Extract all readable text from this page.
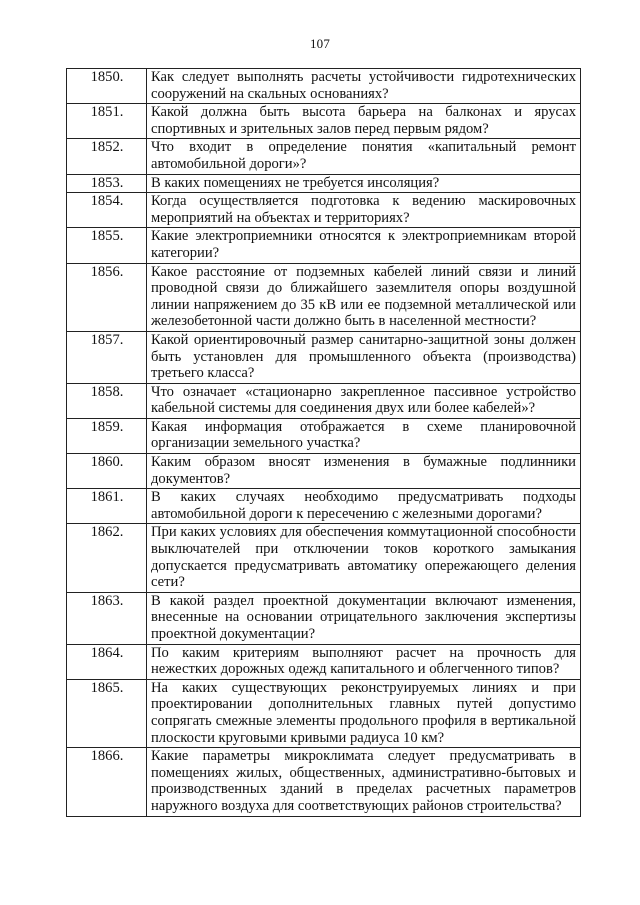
107
1850.	Как следует выполнять расчеты устойчивости гидротехнических сооружений на скальных основаниях?
1851.	Какой должна быть высота барьера на балконах и ярусах спортивных и зрительных залов перед первым рядом?
1852.	Что входит в определение понятия «капитальный ремонт автомобильной дороги»?
1853.	В каких помещениях не требуется инсоляция?
1854.	Когда осуществляется подготовка к ведению маскировочных мероприятий на объектах и территориях?
1855.	Какие электроприемники относятся к электроприемникам второй категории?
1856.	Какое расстояние от подземных кабелей линий связи и линий проводной связи до ближайшего заземлителя опоры воздушной линии напряжением до 35 кВ или ее подземной металлической или железобетонной части должно быть в населенной местности?
1857.	Какой ориентировочный размер санитарно-защитной зоны должен быть установлен для промышленного объекта (производства) третьего класса?
1858.	Что означает «стационарно закрепленное пассивное устройство кабельной системы для соединения двух или более кабелей»?
1859.	Какая информация отображается в схеме планировочной организации земельного участка?
1860.	Каким образом вносят изменения в бумажные подлинники документов?
1861.	В каких случаях необходимо предусматривать подходы автомобильной дороги к пересечению с железными дорогами?
1862.	При каких условиях для обеспечения коммутационной способности выключателей при отключении токов короткого замыкания допускается предусматривать автоматику опережающего деления сети?
1863.	В какой раздел проектной документации включают изменения, внесенные на основании отрицательного заключения экспертизы проектной документации?
1864.	По каким критериям выполняют расчет на прочность для нежестких дорожных одежд капитального и облегченного типов?
1865.	На каких существующих реконструируемых линиях и при проектировании дополнительных главных путей допустимо сопрягать смежные элементы продольного профиля в вертикальной плоскости круговыми кривыми радиуса 10 км?
1866.	Какие параметры микроклимата следует предусматривать в помещениях жилых, общественных, административно-бытовых и производственных зданий в пределах расчетных параметров наружного воздуха для соответствующих районов строительства?
